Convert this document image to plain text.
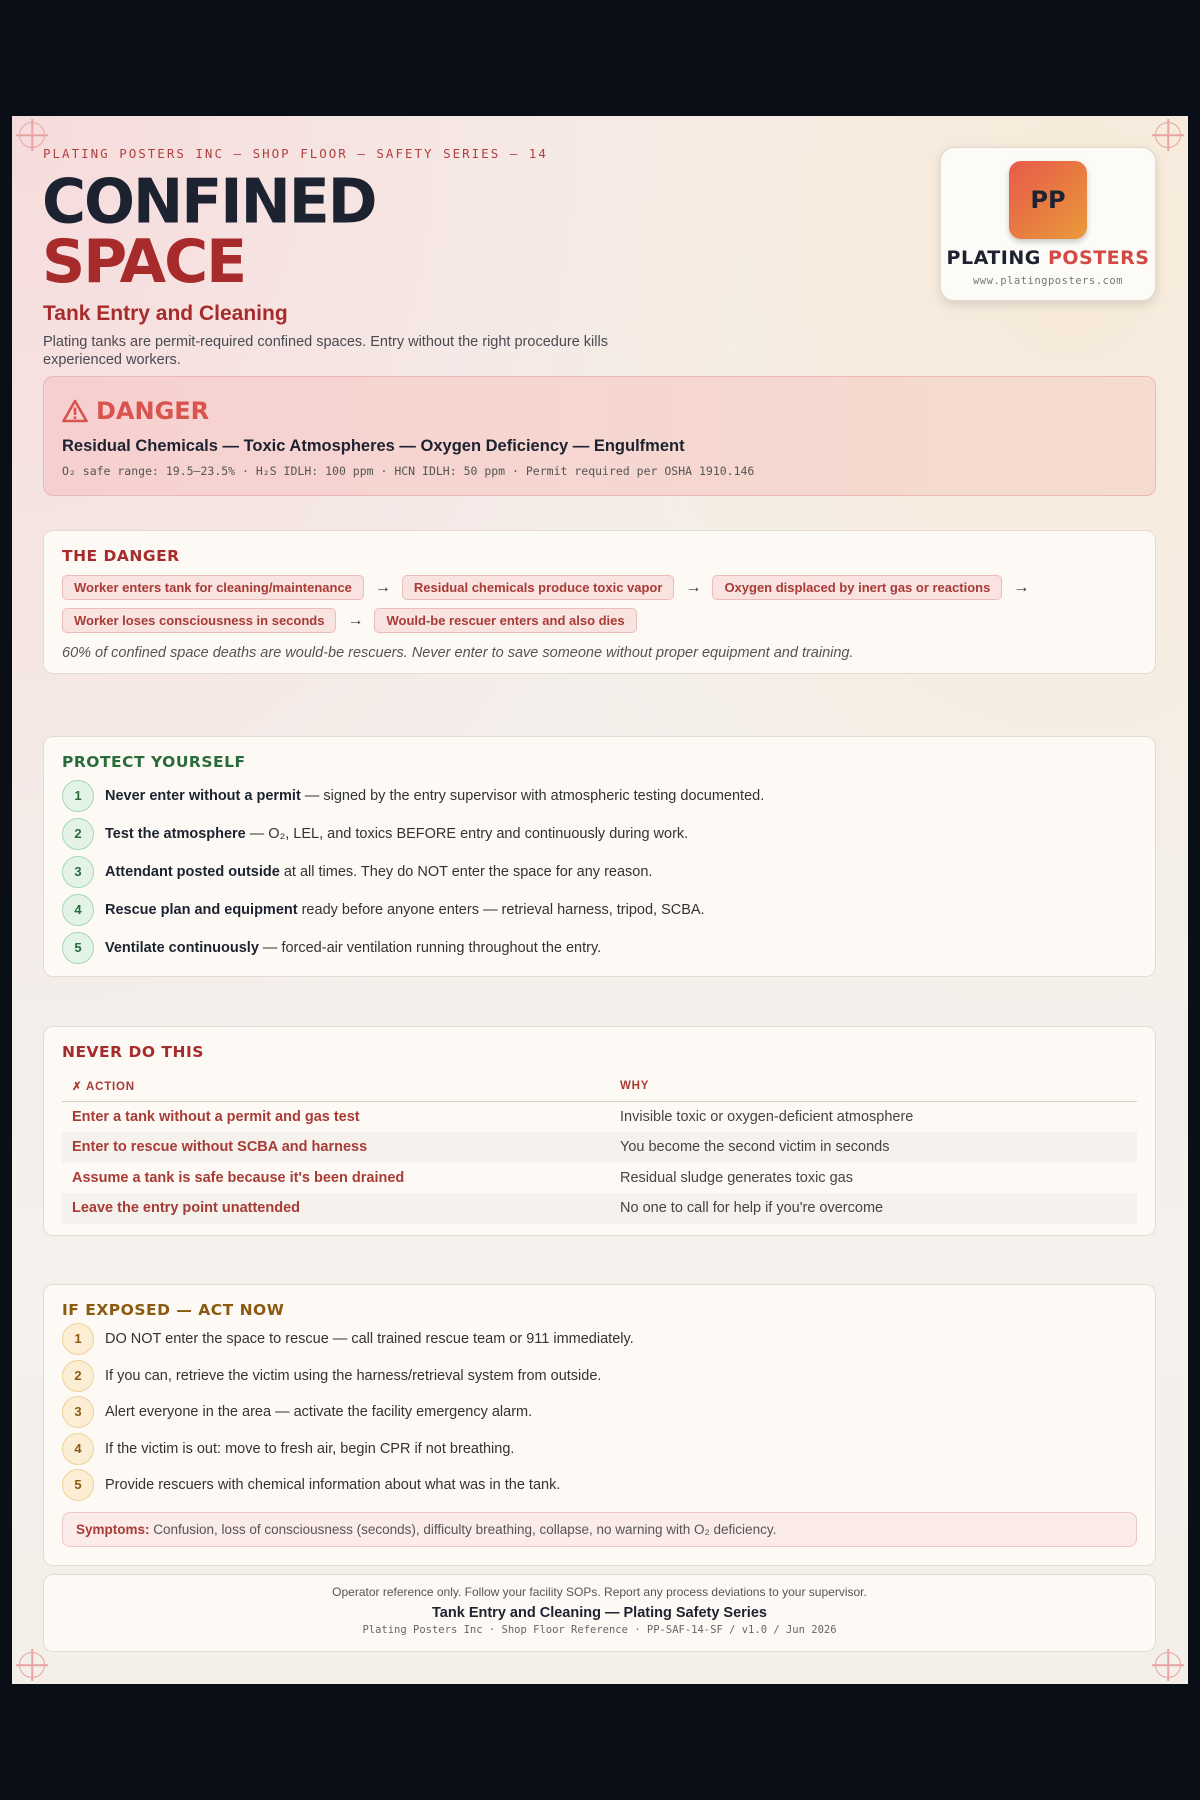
PLATING POSTERS INC — SHOP FLOOR — SAFETY SERIES — 14
CONFINED
SPACE
Tank Entry and Cleaning
Plating tanks are permit-required confined spaces. Entry without the right procedure kills experienced workers.
PP
PLATING POSTERS
www.platingposters.com
DANGER
Residual Chemicals — Toxic Atmospheres — Oxygen Deficiency — Engulfment
O₂ safe range: 19.5–23.5% · H₂S IDLH: 100 ppm · HCN IDLH: 50 ppm · Permit required per OSHA 1910.146
THE DANGER
Worker enters tank for cleaning/maintenance	→	Residual chemicals produce toxic vapor	→	Oxygen displaced by inert gas or reactions	→
Worker loses consciousness in seconds	→	Would-be rescuer enters and also dies
60% of confined space deaths are would-be rescuers. Never enter to save someone without proper equipment and training.
PROTECT YOURSELF
1	Never enter without a permit — signed by the entry supervisor with atmospheric testing documented.
2	Test the atmosphere — O₂, LEL, and toxics BEFORE entry and continuously during work.
3	Attendant posted outside at all times. They do NOT enter the space for any reason.
4	Rescue plan and equipment ready before anyone enters — retrieval harness, tripod, SCBA.
5	Ventilate continuously — forced-air ventilation running throughout the entry.
NEVER DO THIS
✗ ACTION	WHY
Enter a tank without a permit and gas test	Invisible toxic or oxygen-deficient atmosphere
Enter to rescue without SCBA and harness	You become the second victim in seconds
Assume a tank is safe because it's been drained	Residual sludge generates toxic gas
Leave the entry point unattended	No one to call for help if you're overcome
IF EXPOSED — ACT NOW
1	DO NOT enter the space to rescue — call trained rescue team or 911 immediately.
2	If you can, retrieve the victim using the harness/retrieval system from outside.
3	Alert everyone in the area — activate the facility emergency alarm.
4	If the victim is out: move to fresh air, begin CPR if not breathing.
5	Provide rescuers with chemical information about what was in the tank.
Symptoms: Confusion, loss of consciousness (seconds), difficulty breathing, collapse, no warning with O₂ deficiency.
Operator reference only. Follow your facility SOPs. Report any process deviations to your supervisor.
Tank Entry and Cleaning — Plating Safety Series
Plating Posters Inc · Shop Floor Reference · PP-SAF-14-SF / v1.0 / Jun 2026
